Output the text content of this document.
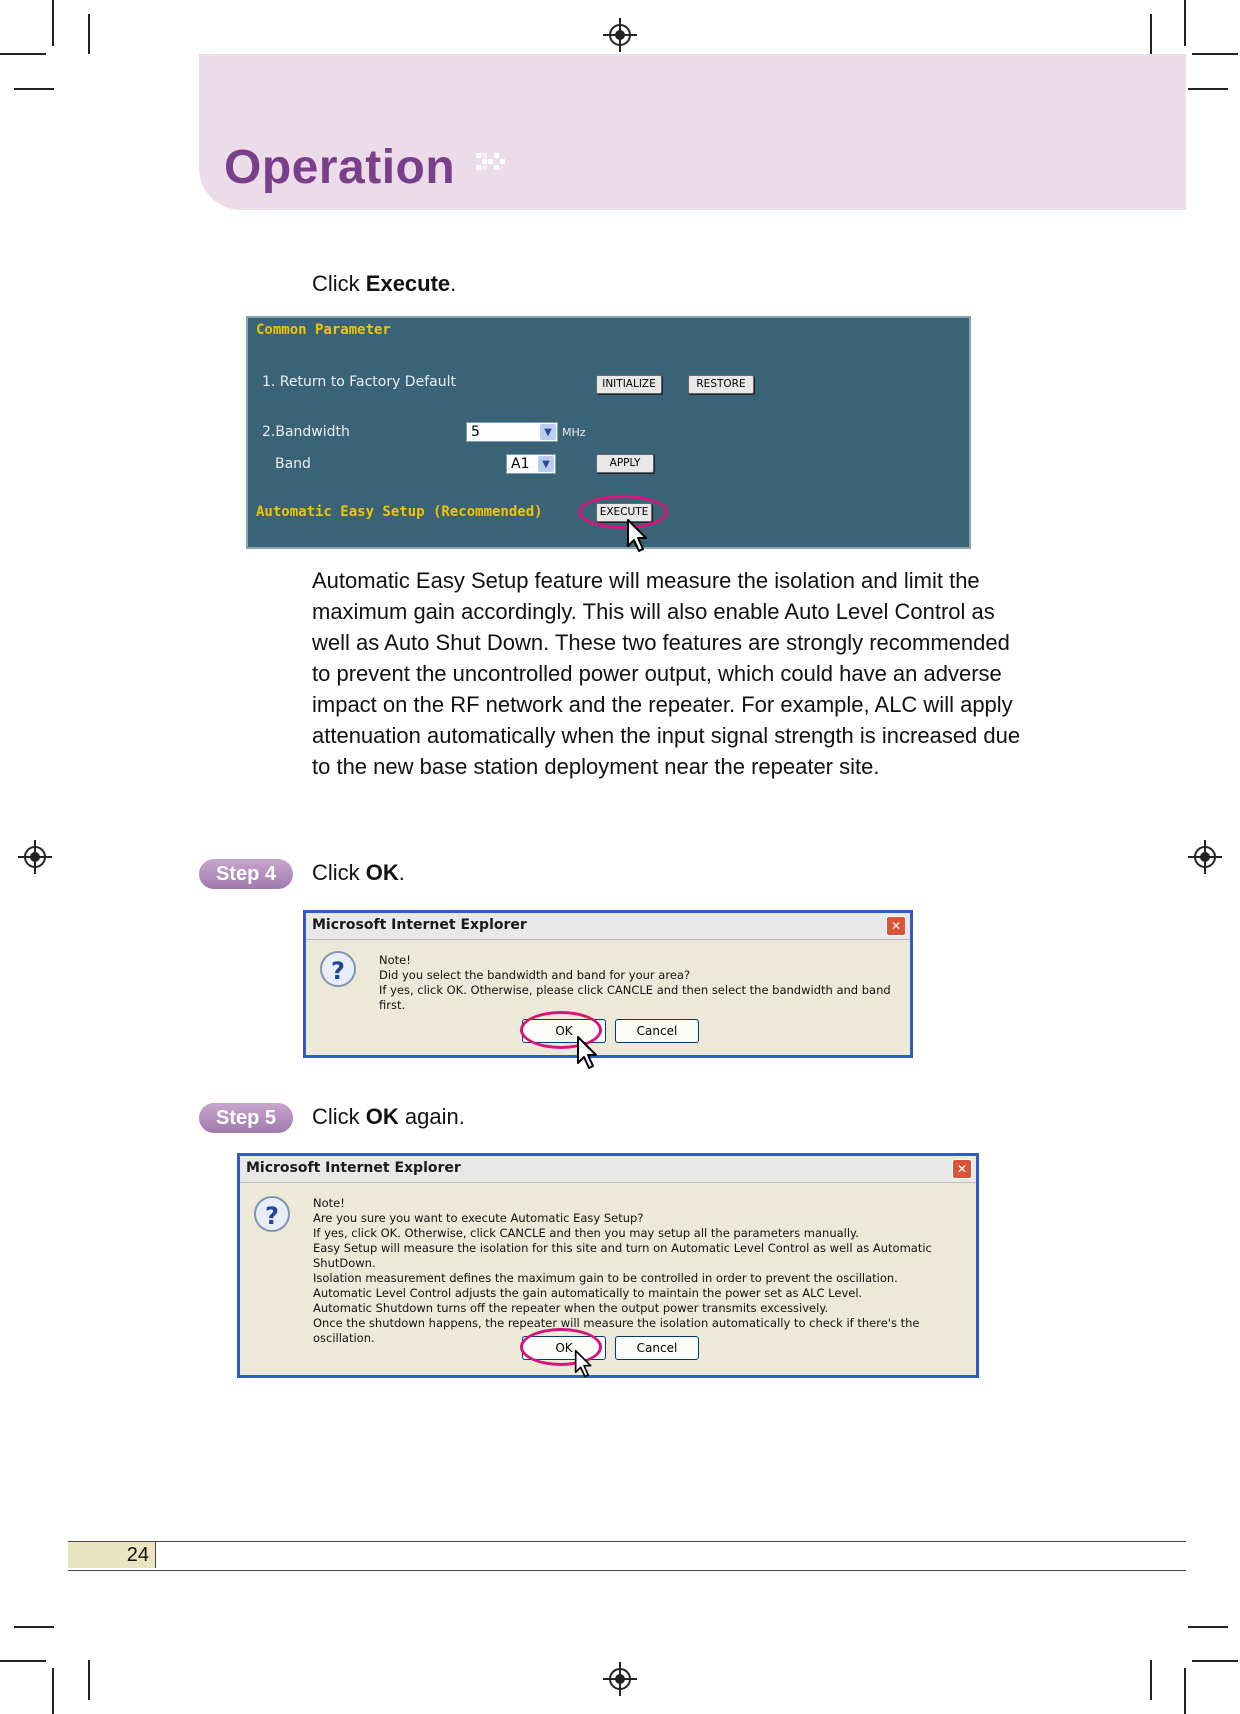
Operation
Click Execute.
Common Parameter
1. Return to Factory Default	INITIALIZE	RESTORE
2.Bandwidth	5	▼ MHz
Band	A1	▼	APPLY
Automatic Easy Setup (Recommended)	EXECUTE
Automatic Easy Setup feature will measure the isolation and limit the maximum gain accordingly. This will also enable Auto Level Control as well as Auto Shut Down. These two features are strongly recommended to prevent the uncontrolled power output, which could have an adverse impact on the RF network and the repeater. For example, ALC will apply attenuation automatically when the input signal strength is increased due to the new base station deployment near the repeater site.
Step 4	Click OK.
Microsoft Internet Explorer	✕
?	Note!
Did you select the bandwidth and band for your area?
If yes, click OK. Otherwise, please click CANCLE and then select the bandwidth and band first.
OK	Cancel
Step 5	Click OK again.
Microsoft Internet Explorer	✕
?	Note!
Are you sure you want to execute Automatic Easy Setup?
If yes, click OK. Otherwise, click CANCLE and then you may setup all the parameters manually.
Easy Setup will measure the isolation for this site and turn on Automatic Level Control as well as Automatic ShutDown.
Isolation measurement defines the maximum gain to be controlled in order to prevent the oscillation.
Automatic Level Control adjusts the gain automatically to maintain the power set as ALC Level.
Automatic Shutdown turns off the repeater when the output power transmits excessively.
Once the shutdown happens, the repeater will measure the isolation automatically to check if there's the oscillation.
OK	Cancel
24
